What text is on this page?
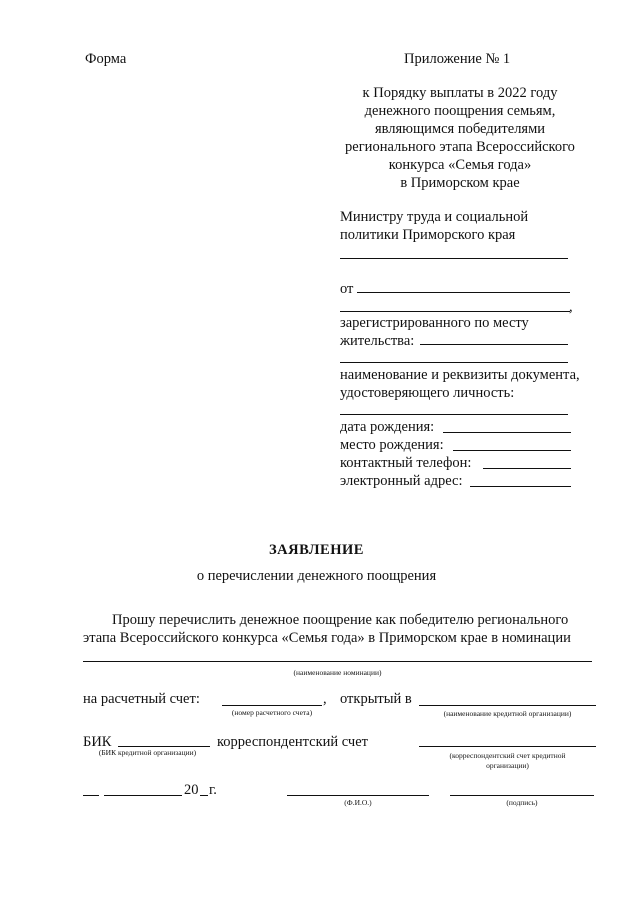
Форма	Приложение № 1
к Порядку выплаты в 2022 году
денежного поощрения семьям,
являющимся победителями
регионального этапа Всероссийского
конкурса «Семья года»
в Приморском крае
Министру труда и социальной
политики Приморского края
от
,
зарегистрированного по месту
жительства:
наименование и реквизиты документа,
удостоверяющего личность:
дата рождения:
место рождения:
контактный телефон:
электронный адрес:
ЗАЯВЛЕНИЕ
о перечислении денежного поощрения
Прошу перечислить денежное поощрение как победителю регионального
этапа Всероссийского конкурса «Семья года» в Приморском крае в номинации
(наименование номинации)
на расчетный счет:	,
(номер расчетного счета)
открытый в
(наименование кредитной организации)
БИК
(БИК кредитной организации)
корреспондентский счет
(корреспондентский счет кредитной
организации)
20 г.
(Ф.И.О.)	(подпись)
